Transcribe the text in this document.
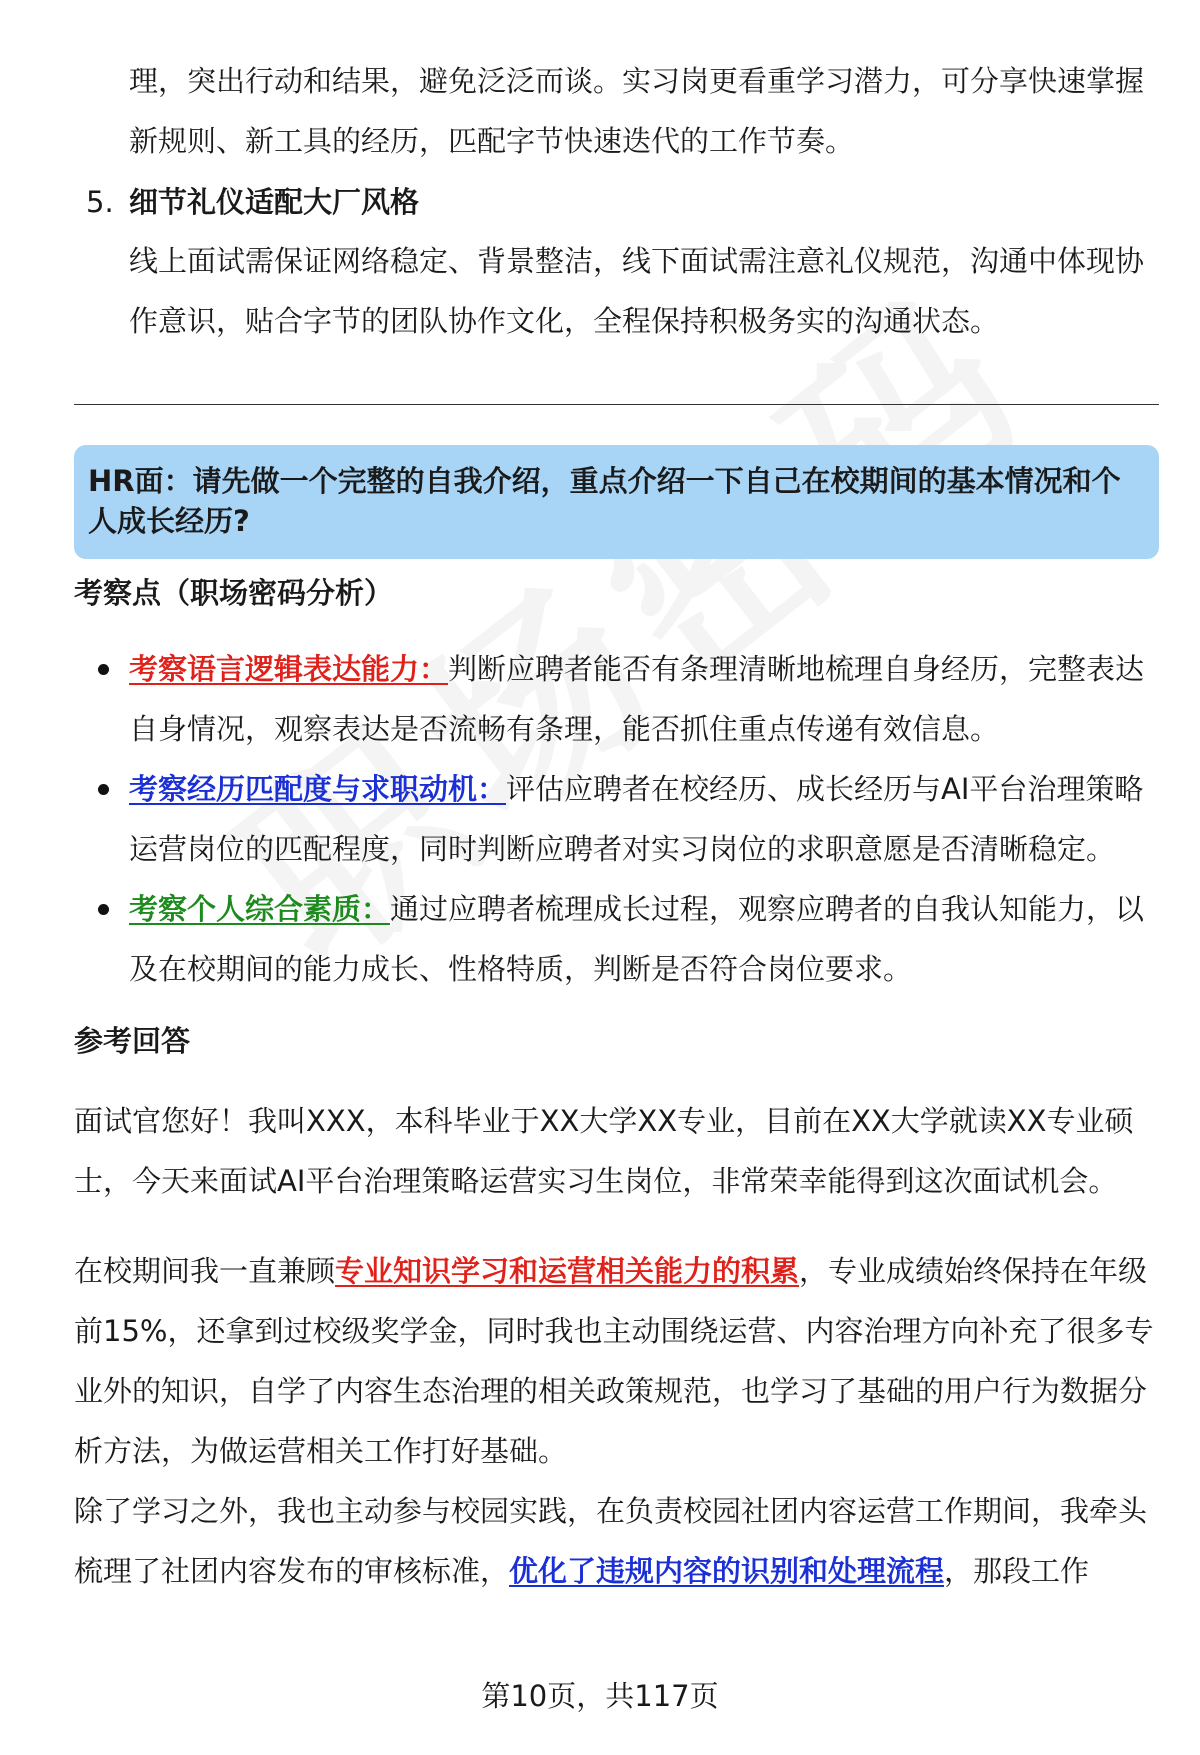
理，突出行动和结果，避免泛泛而谈。实习岗更看重学习潜力，可分享快速掌握新规则、新工具的经历，匹配字节快速迭代的工作节奏。

5. 细节礼仪适配大厂风格

线上面试需保证网络稳定、背景整洁，线下面试需注意礼仪规范，沟通中体现协作意识，贴合字节的团队协作文化，全程保持积极务实的沟通状态。

HR面：请先做一个完整的自我介绍，重点介绍一下自己在校期间的基本情况和个人成长经历?
考察点（职场密码分析）
考察语言逻辑表达能力：判断应聘者能否有条理清晰地梳理自身经历，完整表达自身情况，观察表达是否流畅有条理，能否抓住重点传递有效信息。
考察经历匹配度与求职动机：评估应聘者在校经历、成长经历与AI平台治理策略运营岗位的匹配程度，同时判断应聘者对实习岗位的求职意愿是否清晰稳定。
考察个人综合素质：通过应聘者梳理成长过程，观察应聘者的自我认知能力，以及在校期间的能力成长、性格特质，判断是否符合岗位要求。
参考回答

面试官您好！我叫XXX，本科毕业于XX大学XX专业，目前在XX大学就读XX专业硕士，今天来面试AI平台治理策略运营实习生岗位，非常荣幸能得到这次面试机会。

在校期间我一直兼顾专业知识学习和运营相关能力的积累，专业成绩始终保持在年级前15%，还拿到过校级奖学金，同时我也主动围绕运营、内容治理方向补充了很多专业外的知识，自学了内容生态治理的相关政策规范，也学习了基础的用户行为数据分析方法，为做运营相关工作打好基础。

除了学习之外，我也主动参与校园实践，在负责校园社团内容运营工作期间，我牵头梳理了社团内容发布的审核标准，优化了违规内容的识别和处理流程，那段工作

第10页，共117页
